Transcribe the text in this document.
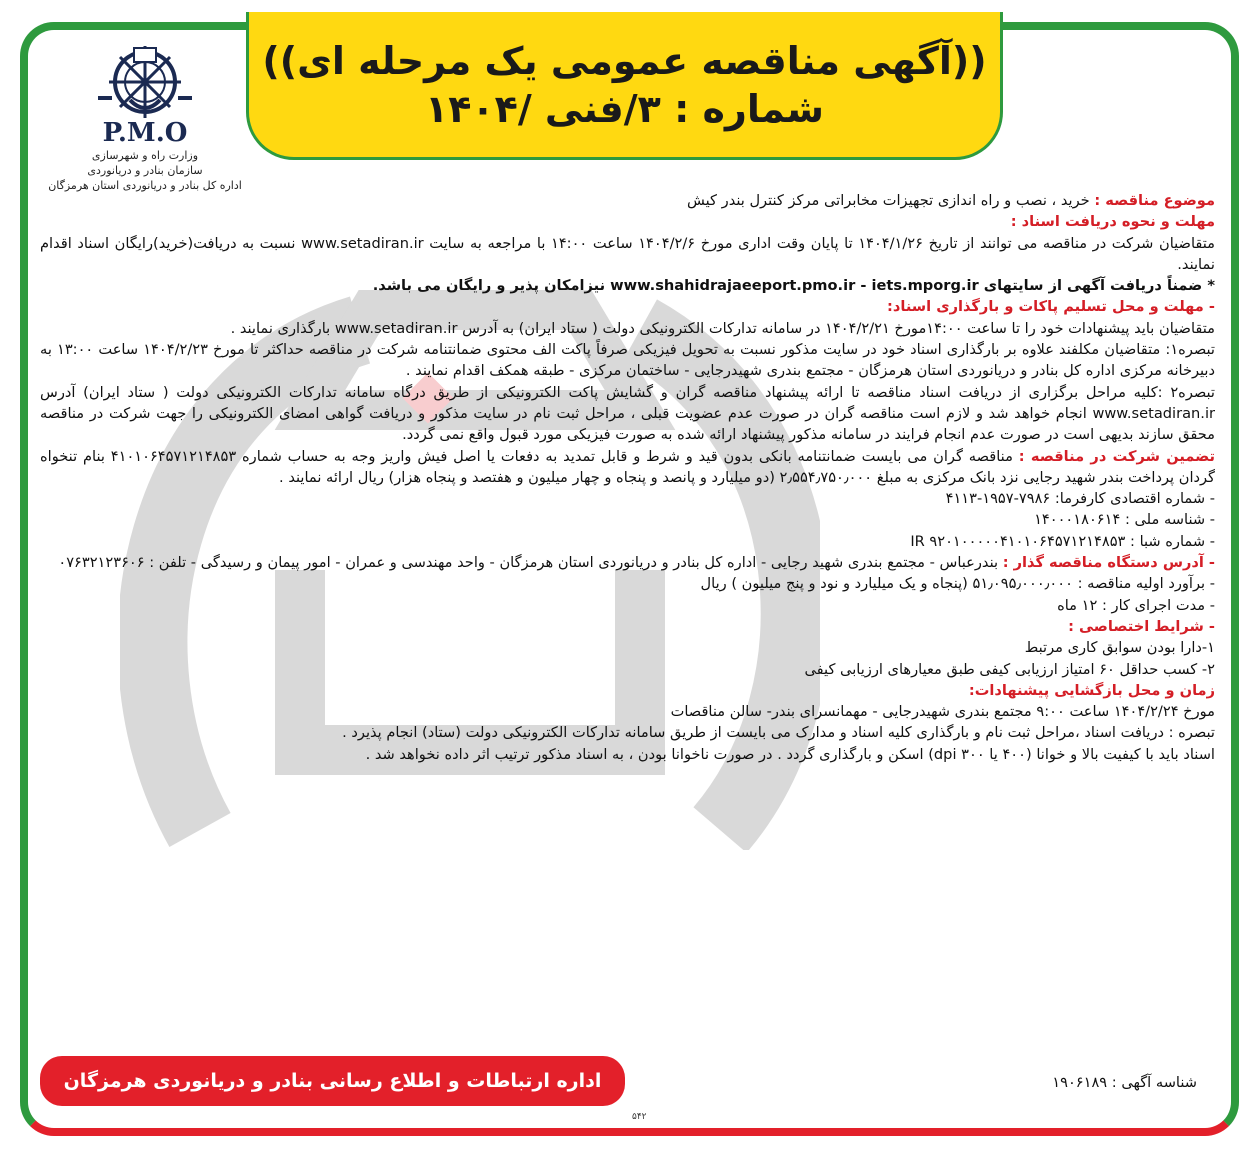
((آگهی مناقصه عمومی یک مرحله ای))
شماره : ۳/فنی /۱۴۰۴
P.M.O
وزارت راه و شهرسازی
سازمان بنادر و دریانوردی
اداره کل بنادر و دریانوردی استان هرمزگان

موضوع مناقصه : خرید ، نصب و راه اندازی تجهیزات مخابراتی مرکز کنترل بندر کیش

مهلت و نحوه دریافت اسناد :

متقاضیان شرکت در مناقصه می توانند از تاریخ ۱۴۰۴/۱/۲۶ تا پایان وقت اداری مورخ ۱۴۰۴/۲/۶ ساعت ۱۴:۰۰ با مراجعه به سایت www.setadiran.ir نسبت به دریافت(خرید)رایگان اسناد اقدام نمایند.

* ضمناً دریافت آگهی از سایتهای www.shahidrajaeeport.pmo.ir - iets.mporg.ir نیزامکان پذیر و رایگان می باشد.

- مهلت و محل تسلیم پاکات و بارگذاری اسناد:

متقاضیان باید پیشنهادات خود را تا ساعت ۱۴:۰۰مورخ ۱۴۰۴/۲/۲۱ در سامانه تدارکات الکترونیکی دولت ( ستاد ایران) به آدرس www.setadiran.ir بارگذاری نمایند .

تبصره۱: متقاضیان مکلفند علاوه بر بارگذاری اسناد خود در سایت مذکور نسبت به تحویل فیزیکی صرفاً پاکت الف محتوی ضمانتنامه شرکت در مناقصه حداکثر تا مورخ ۱۴۰۴/۲/۲۳ ساعت ۱۳:۰۰ به دبیرخانه مرکزی اداره کل بنادر و دریانوردی استان هرمزگان - مجتمع بندری شهیدرجایی - ساختمان مرکزی - طبقه همکف اقدام نمایند .

تبصره۲ :کلیه مراحل برگزاری از دریافت اسناد مناقصه تا ارائه پیشنهاد مناقصه گران و گشایش پاکت الکترونیکی از طریق درگاه سامانه تدارکات الکترونیکی دولت ( ستاد ایران) آدرس www.setadiran.ir انجام خواهد شد و لازم است مناقصه گران در صورت عدم عضویت قبلی ، مراحل ثبت نام در سایت مذکور و دریافت گواهی امضای الکترونیکی را جهت شرکت در مناقصه محقق سازند بدیهی است در صورت عدم انجام فرایند در سامانه مذکور پیشنهاد ارائه شده به صورت فیزیکی مورد قبول واقع نمی گردد.

تضمین شرکت در مناقصه : مناقصه گران می بایست ضمانتنامه بانکی بدون قید و شرط و قابل تمدید به دفعات یا اصل فیش واریز وجه به حساب شماره ۴۱۰۱۰۶۴۵۷۱۲۱۴۸۵۳ بنام تنخواه گردان پرداخت بندر شهید رجایی نزد بانک مرکزی به مبلغ ۲٫۵۵۴٫۷۵۰٫۰۰۰ (دو میلیارد و پانصد و پنجاه و چهار میلیون و هفتصد و پنجاه هزار) ریال ارائه نمایند .

- شماره اقتصادی کارفرما: ۷۹۸۶-۱۹۵۷-۴۱۱۳

- شناسه ملی : ۱۴۰۰۰۱۸۰۶۱۴

- شماره شبا : IR ۹۲۰۱۰۰۰۰۰۴۱۰۱۰۶۴۵۷۱۲۱۴۸۵۳

- آدرس دستگاه مناقصه گذار : بندرعباس - مجتمع بندری شهید رجایی - اداره کل بنادر و دریانوردی استان هرمزگان - واحد مهندسی و عمران - امور پیمان و رسیدگی - تلفن : ۰۷۶۳۲۱۲۳۶۰۶

- برآورد اولیه مناقصه : ۵۱٫۰۹۵٫۰۰۰٫۰۰۰ (پنجاه و یک میلیارد و نود و پنج میلیون ) ریال

- مدت اجرای کار : ۱۲ ماه

- شرایط اختصاصی :

۱-دارا بودن سوابق کاری مرتبط

۲- کسب حداقل ۶۰ امتیاز ارزیابی کیفی طبق معیارهای ارزیابی کیفی

زمان و محل بازگشایی پیشنهادات:

مورخ ۱۴۰۴/۲/۲۴ ساعت ۹:۰۰ مجتمع بندری شهیدرجایی - مهمانسرای بندر- سالن مناقصات

تبصره : دریافت اسناد ،مراحل ثبت نام و بارگذاری کلیه اسناد و مدارک می بایست از طریق سامانه تدارکات الکترونیکی دولت (ستاد) انجام پذیرد .

اسناد باید با کیفیت بالا و خوانا (۴۰۰ یا ۳۰۰ dpi) اسکن و بارگذاری گردد . در صورت ناخوانا بودن ، به اسناد مذکور ترتیب اثر داده نخواهد شد .

شناسه آگهی : ۱۹۰۶۱۸۹
اداره ارتباطات و اطلاع رسانی بنادر و دریانوردی هرمزگان
۵۴۲
